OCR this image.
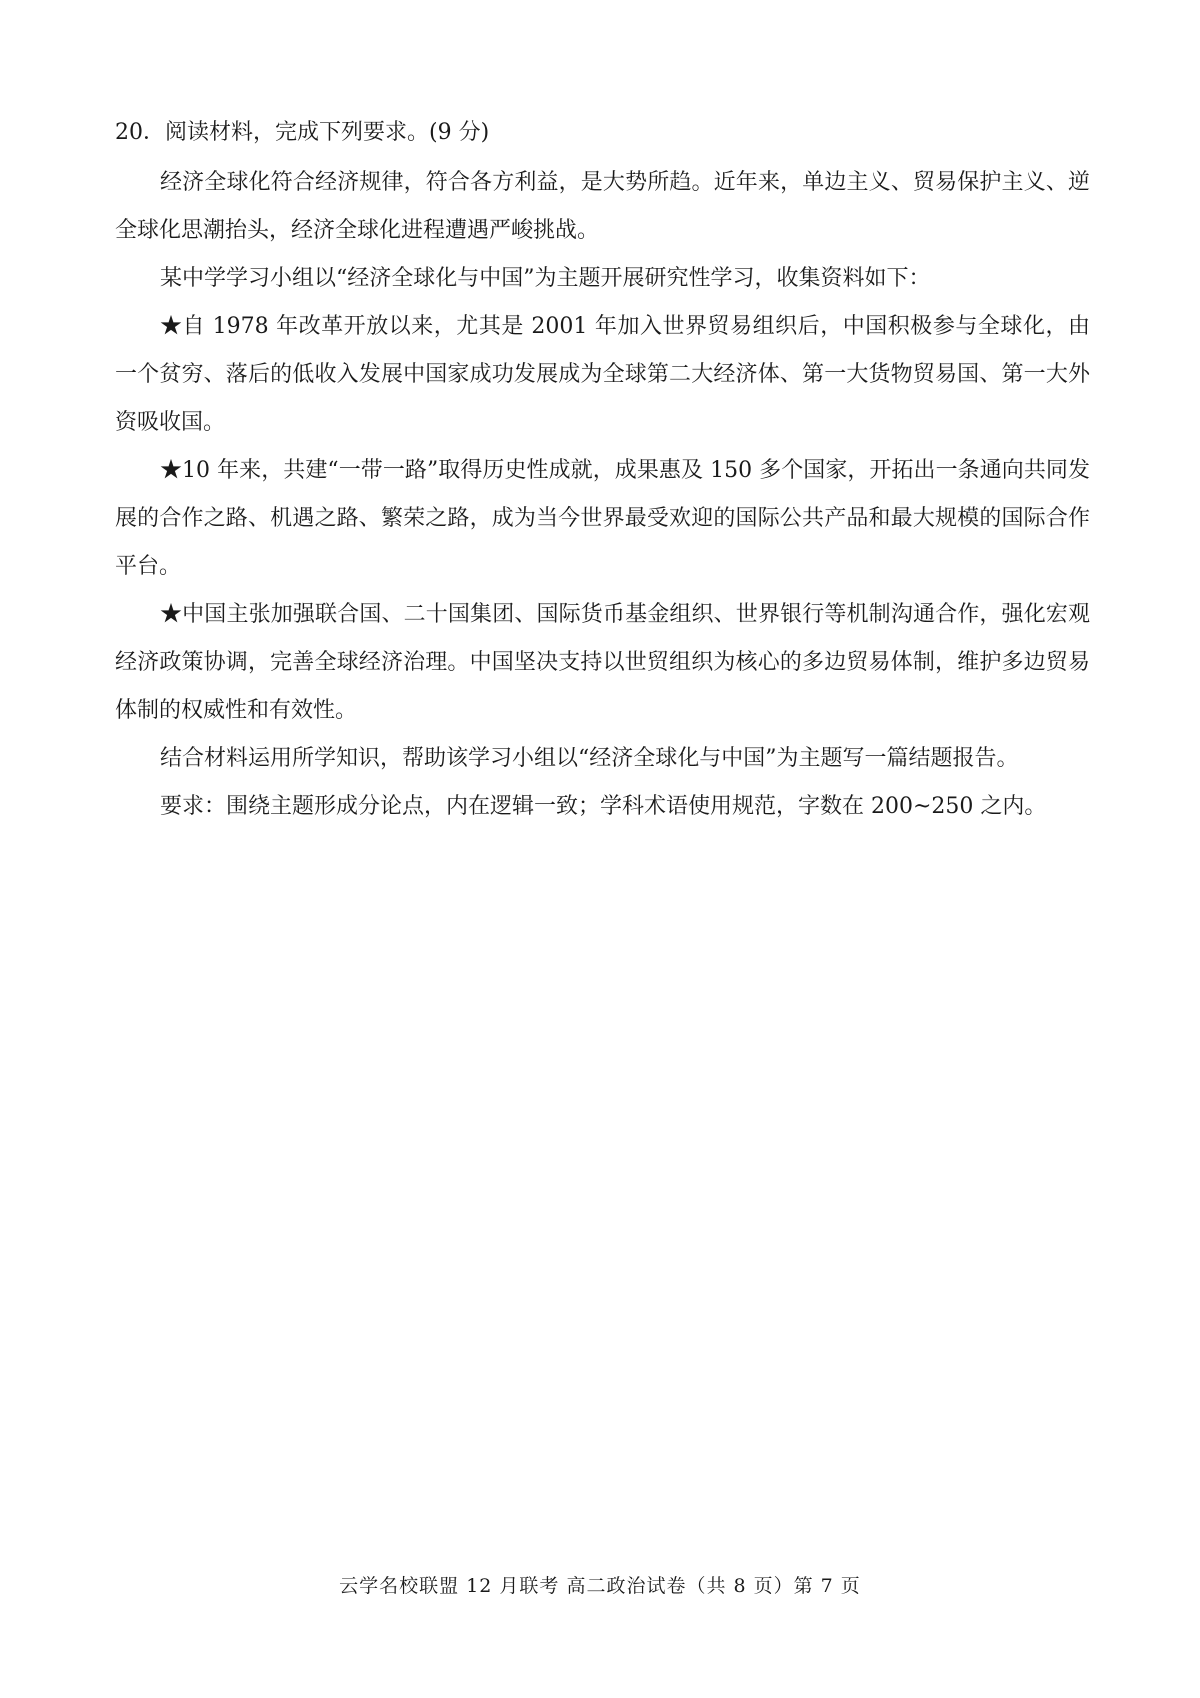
20．阅读材料，完成下列要求。(9 分)

经济全球化符合经济规律，符合各方利益，是大势所趋。近年来，单边主义、贸易保护主义、逆全球化思潮抬头，经济全球化进程遭遇严峻挑战。

某中学学习小组以“经济全球化与中国”为主题开展研究性学习，收集资料如下：

★自 1978 年改革开放以来，尤其是 2001 年加入世界贸易组织后，中国积极参与全球化，由一个贫穷、落后的低收入发展中国家成功发展成为全球第二大经济体、第一大货物贸易国、第一大外资吸收国。

★10 年来，共建“一带一路”取得历史性成就，成果惠及 150 多个国家，开拓出一条通向共同发展的合作之路、机遇之路、繁荣之路，成为当今世界最受欢迎的国际公共产品和最大规模的国际合作平台。

★中国主张加强联合国、二十国集团、国际货币基金组织、世界银行等机制沟通合作，强化宏观经济政策协调，完善全球经济治理。中国坚决支持以世贸组织为核心的多边贸易体制，维护多边贸易体制的权威性和有效性。

结合材料运用所学知识，帮助该学习小组以“经济全球化与中国”为主题写一篇结题报告。

要求：围绕主题形成分论点，内在逻辑一致；学科术语使用规范，字数在 200~250 之内。

云学名校联盟 12 月联考 高二政治试卷（共 8 页）第 7 页
